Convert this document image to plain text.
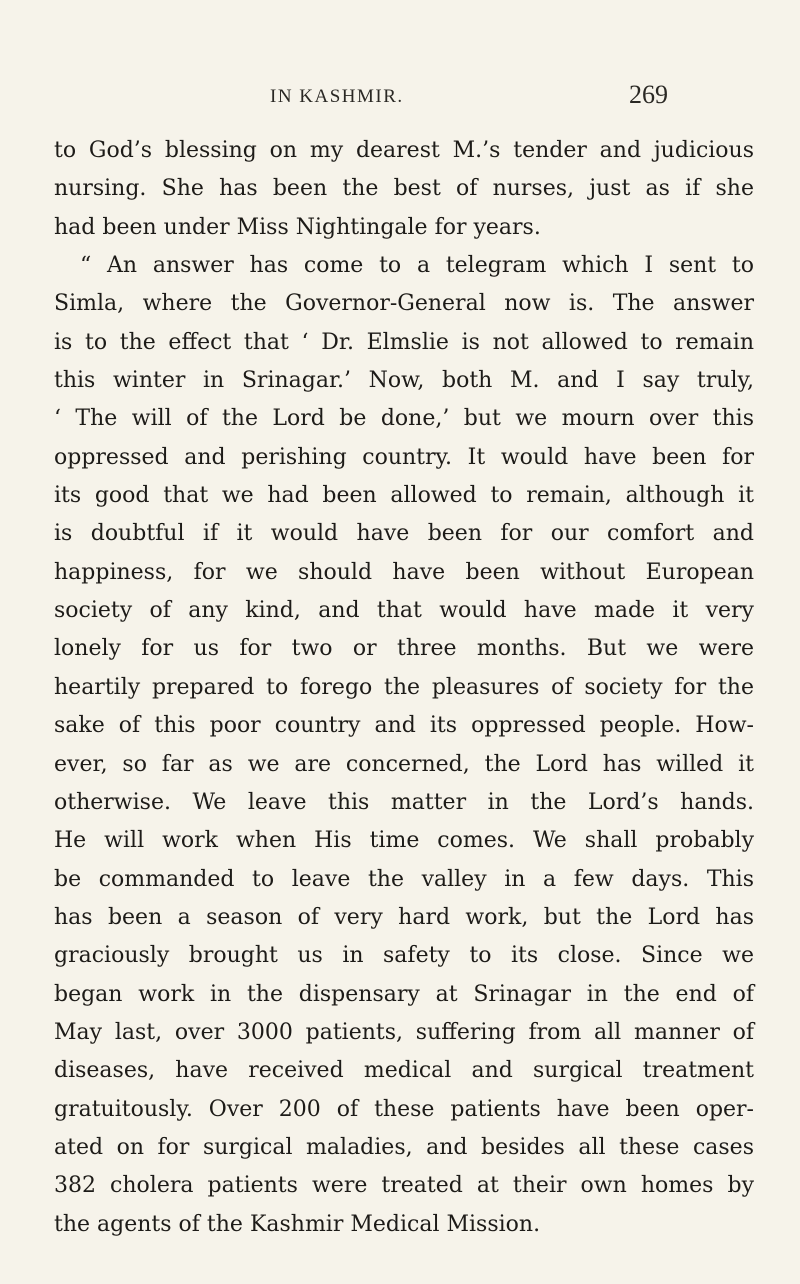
IN KASHMIR.	269
to God’s blessing on my dearest M.’s tender and judicious
nursing. She has been the best of nurses, just as if she
had been under Miss Nightingale for years.
“ An answer has come to a telegram which I sent to
Simla, where the Governor-General now is. The answer
is to the effect that ‘ Dr. Elmslie is not allowed to remain
this winter in Srinagar.’ Now, both M. and I say truly,
‘ The will of the Lord be done,’ but we mourn over this
oppressed and perishing country. It would have been for
its good that we had been allowed to remain, although it
is doubtful if it would have been for our comfort and
happiness, for we should have been without European
society of any kind, and that would have made it very
lonely for us for two or three months. But we were
heartily prepared to forego the pleasures of society for the
sake of this poor country and its oppressed people. How-
ever, so far as we are concerned, the Lord has willed it
otherwise. We leave this matter in the Lord’s hands.
He will work when His time comes. We shall probably
be commanded to leave the valley in a few days. This
has been a season of very hard work, but the Lord has
graciously brought us in safety to its close. Since we
began work in the dispensary at Srinagar in the end of
May last, over 3000 patients, suffering from all manner of
diseases, have received medical and surgical treatment
gratuitously. Over 200 of these patients have been oper-
ated on for surgical maladies, and besides all these cases
382 cholera patients were treated at their own homes by
the agents of the Kashmir Medical Mission.
